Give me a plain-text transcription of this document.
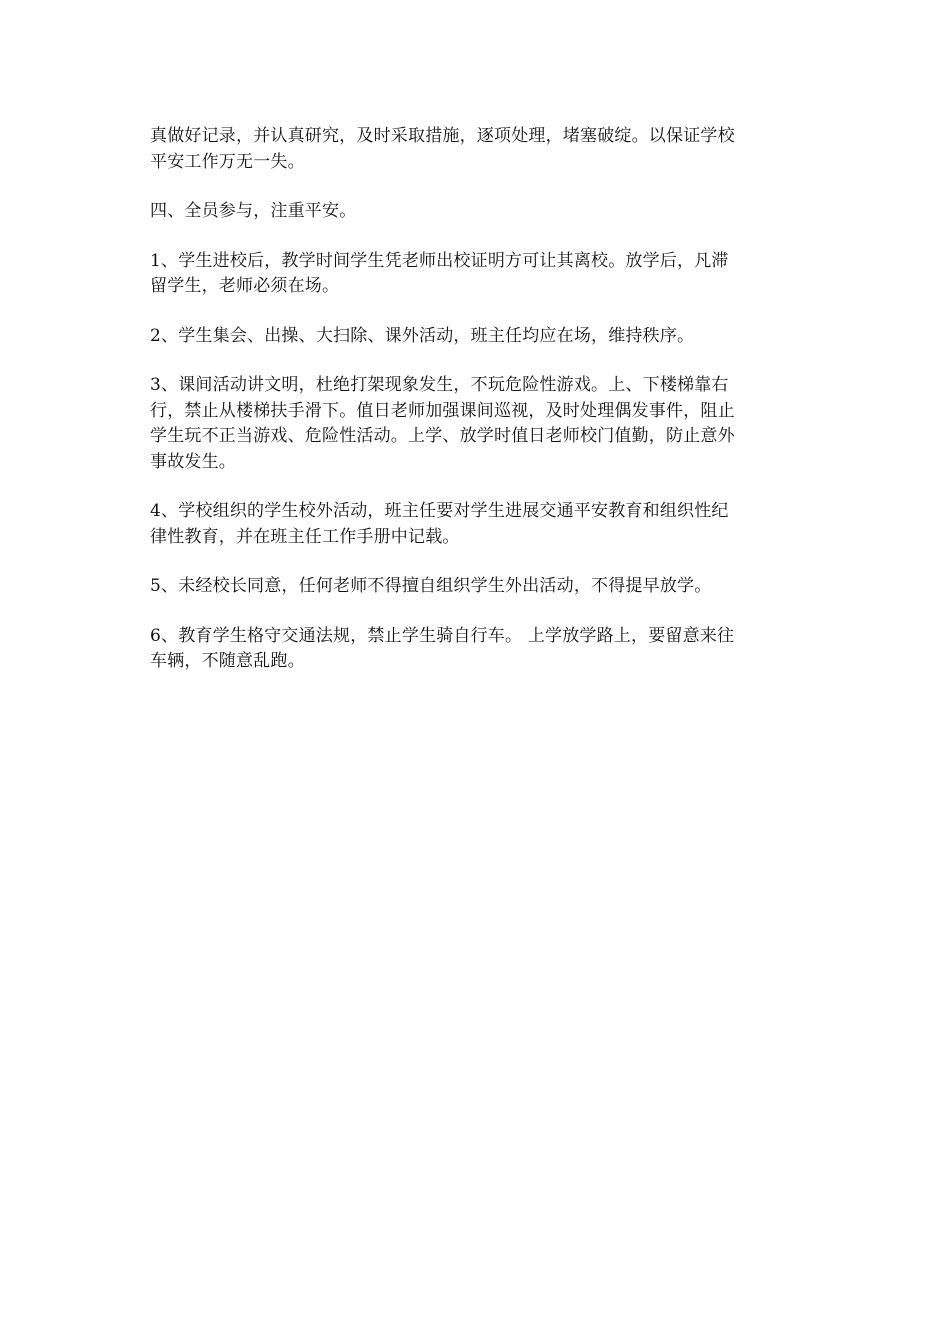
真做好记录，并认真研究，及时采取措施，逐项处理，堵塞破绽。以保证学校
平安工作万无一失。

四、全员参与，注重平安。

1、学生进校后，教学时间学生凭老师出校证明方可让其离校。放学后，凡滞
留学生，老师必须在场。

2、学生集会、出操、大扫除、课外活动，班主任均应在场，维持秩序。

3、课间活动讲文明，杜绝打架现象发生，不玩危险性游戏。上、下楼梯靠右
行，禁止从楼梯扶手滑下。值日老师加强课间巡视，及时处理偶发事件，阻止
学生玩不正当游戏、危险性活动。上学、放学时值日老师校门值勤，防止意外
事故发生。

4、学校组织的学生校外活动，班主任要对学生进展交通平安教育和组织性纪
律性教育，并在班主任工作手册中记载。

5、未经校长同意，任何老师不得擅自组织学生外出活动，不得提早放学。

6、教育学生格守交通法规，禁止学生骑自行车。 上学放学路上，要留意来往
车辆，不随意乱跑。
